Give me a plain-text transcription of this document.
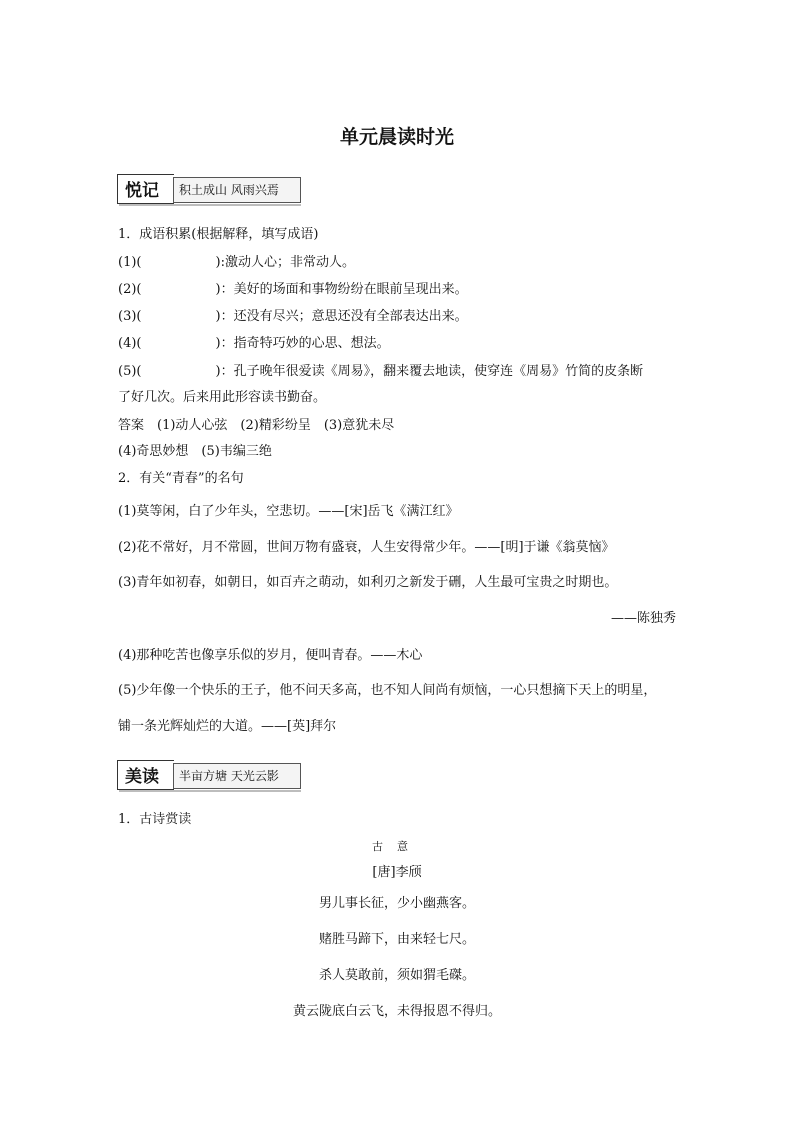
单元晨读时光
悦记 积土成山 风雨兴焉
1．成语积累(根据解释，填写成语)
(1)(	):激动人心；非常动人。
(2)(	)：美好的场面和事物纷纷在眼前呈现出来。
(3)(	)：还没有尽兴；意思还没有全部表达出来。
(4)(	)：指奇特巧妙的心思、想法。
(5)(	)：孔子晚年很爱读《周易》，翻来覆去地读，使穿连《周易》竹简的皮条断
了好几次。后来用此形容读书勤奋。
答案　(1)动人心弦　(2)精彩纷呈　(3)意犹未尽
(4)奇思妙想　(5)韦编三绝
2．有关“青春”的名句
(1)莫等闲，白了少年头，空悲切。——[宋]岳飞《满江红》
(2)花不常好，月不常圆，世间万物有盛衰，人生安得常少年。——[明]于谦《翁莫恼》
(3)青年如初春，如朝日，如百卉之萌动，如利刃之新发于硎，人生最可宝贵之时期也。
——陈独秀
(4)那种吃苦也像享乐似的岁月，便叫青春。——木心
(5)少年像一个快乐的王子，他不问天多高，也不知人间尚有烦恼，一心只想摘下天上的明星，
铺一条光辉灿烂的大道。——[英]拜尔
美读 半亩方塘 天光云影
1．古诗赏读
古意
[唐]李颀
男儿事长征，少小幽燕客。
赌胜马蹄下，由来轻七尺。
杀人莫敢前，须如猬毛磔。
黄云陇底白云飞，未得报恩不得归。
